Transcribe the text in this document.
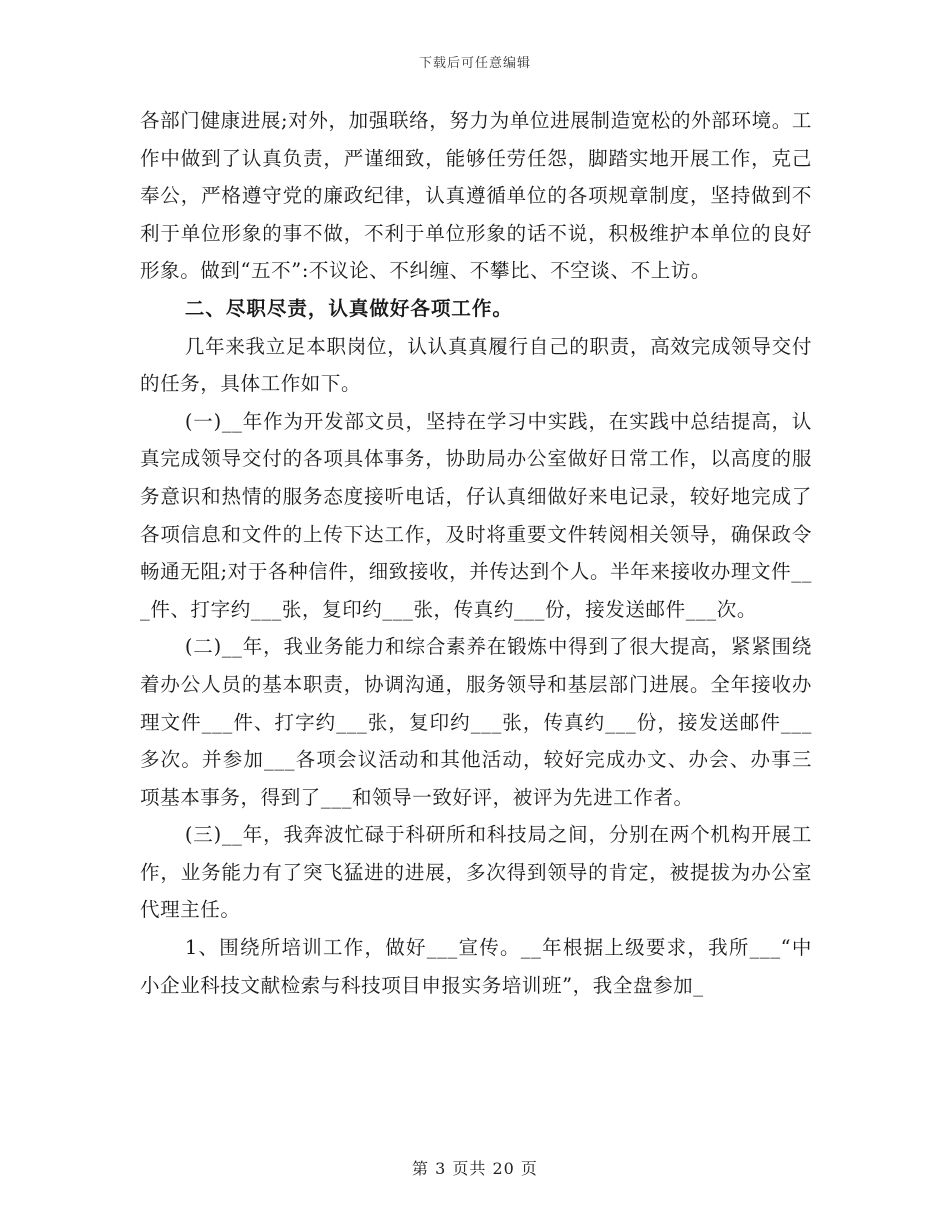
下载后可任意编辑

各部门健康进展;对外，加强联络，努力为单位进展制造宽松的外部环境。工作中做到了认真负责，严谨细致，能够任劳任怨，脚踏实地开展工作，克己奉公，严格遵守党的廉政纪律，认真遵循单位的各项规章制度，坚持做到不利于单位形象的事不做，不利于单位形象的话不说，积极维护本单位的良好形象。做到“五不”:不议论、不纠缠、不攀比、不空谈、不上访。

二、尽职尽责，认真做好各项工作。

几年来我立足本职岗位，认认真真履行自己的职责，高效完成领导交付的任务，具体工作如下。

(一)__年作为开发部文员，坚持在学习中实践，在实践中总结提高，认真完成领导交付的各项具体事务，协助局办公室做好日常工作，以高度的服务意识和热情的服务态度接听电话，仔认真细做好来电记录，较好地完成了各项信息和文件的上传下达工作，及时将重要文件转阅相关领导，确保政令畅通无阻;对于各种信件，细致接收，并传达到个人。半年来接收办理文件___件、打字约___张，复印约___张，传真约___份，接发送邮件___次。

(二)__年，我业务能力和综合素养在锻炼中得到了很大提高，紧紧围绕着办公人员的基本职责，协调沟通，服务领导和基层部门进展。全年接收办理文件___件、打字约___张，复印约___张，传真约___份，接发送邮件___多次。并参加___各项会议活动和其他活动，较好完成办文、办会、办事三项基本事务，得到了___和领导一致好评，被评为先进工作者。

(三)__年，我奔波忙碌于科研所和科技局之间，分别在两个机构开展工作，业务能力有了突飞猛进的进展，多次得到领导的肯定，被提拔为办公室代理主任。

1、围绕所培训工作，做好___宣传。__年根据上级要求，我所___“中小企业科技文献检索与科技项目申报实务培训班”，我全盘参加_

第 3 页共 20 页
